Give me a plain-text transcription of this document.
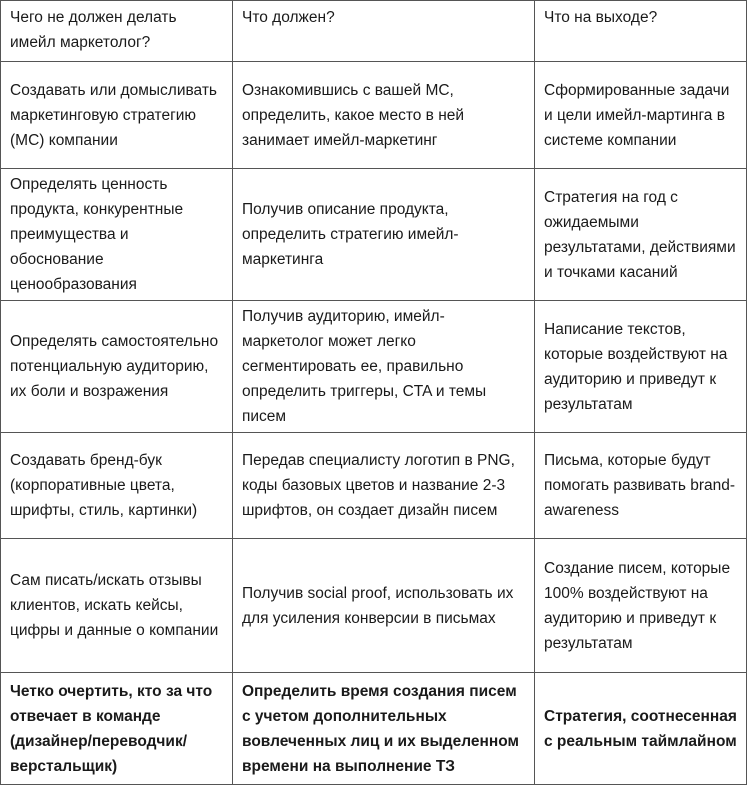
Чего не должен делать имейл маркетолог?	Что должен?	Что на выходе?
Создавать или домысливать маркетинговую стратегию (МС) компании	Ознакомившись с вашей МС, определить, какое место в ней занимает имейл-маркетинг	Сформированные задачи и цели имейл-мартинга в системе компании
Определять ценность продукта, конкурентные преимущества и обоснование ценообразования	Получив описание продукта, определить стратегию имейл-маркетинга	Стратегия на год с ожидаемыми результатами, действиями и точками касаний
Определять самостоятельно потенциальную аудиторию, их боли и возражения	Получив аудиторию, имейл-маркетолог может легко сегментировать ее, правильно определить триггеры, CTA и темы писем	Написание текстов, которые воздействуют на аудиторию и приведут к результатам
Создавать бренд-бук (корпоративные цвета, шрифты, стиль, картинки)	Передав специалисту логотип в PNG, коды базовых цветов и название 2-3 шрифтов, он создает дизайн писем	Письма, которые будут помогать развивать brand-awareness
Сам писать/искать отзывы клиентов, искать кейсы, цифры и данные о компании	Получив social proof, использовать их для усиления конверсии в письмах	Создание писем, которые 100% воздействуют на аудиторию и приведут к результатам
Четко очертить, кто за что отвечает в команде (дизайнер/переводчик/верстальщик)	Определить время создания писем с учетом дополнительных вовлеченных лиц и их выделенном времени на выполнение ТЗ	Стратегия, соотнесенная с реальным таймлайном
